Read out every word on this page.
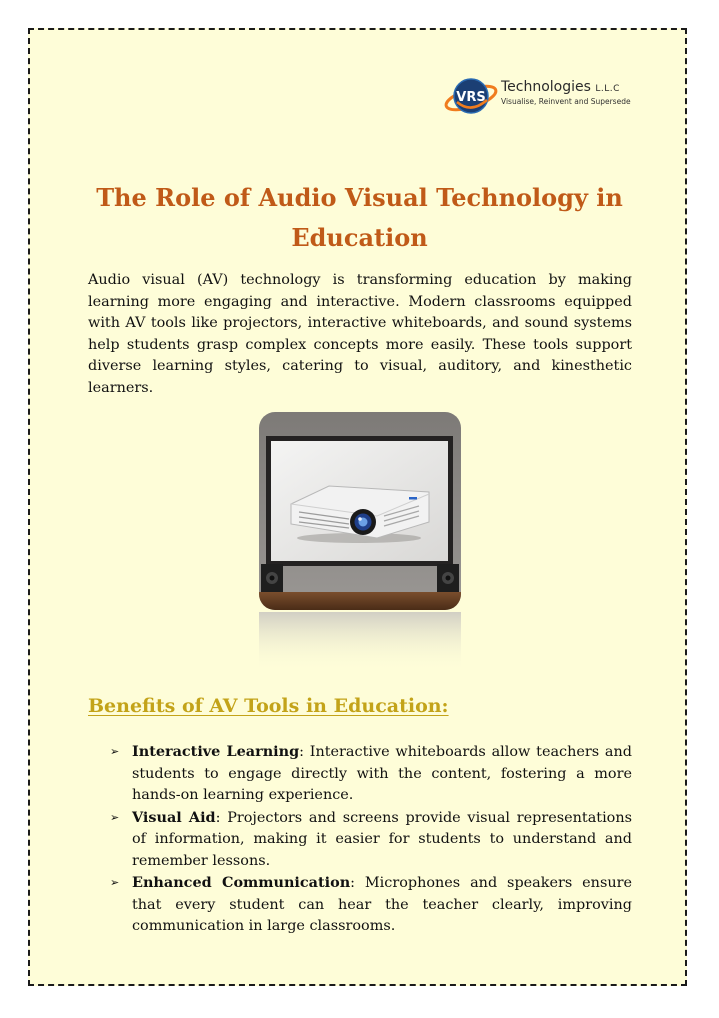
VRS
Technologies L.L.C
Visualise, Reinvent and Supersede
The Role of Audio Visual Technology in Education

Audio visual (AV) technology is transforming education by making learning more engaging and interactive. Modern classrooms equipped with AV tools like projectors, interactive whiteboards, and sound systems help students grasp complex concepts more easily. These tools support diverse learning styles, catering to visual, auditory, and kinesthetic learners.

Benefits of AV Tools in Education:
➢ Interactive Learning: Interactive whiteboards allow teachers and students to engage directly with the content, fostering a more hands-on learning experience.
➢ Visual Aid: Projectors and screens provide visual representations of information, making it easier for students to understand and remember lessons.
➢ Enhanced Communication: Microphones and speakers ensure that every student can hear the teacher clearly, improving communication in large classrooms.
